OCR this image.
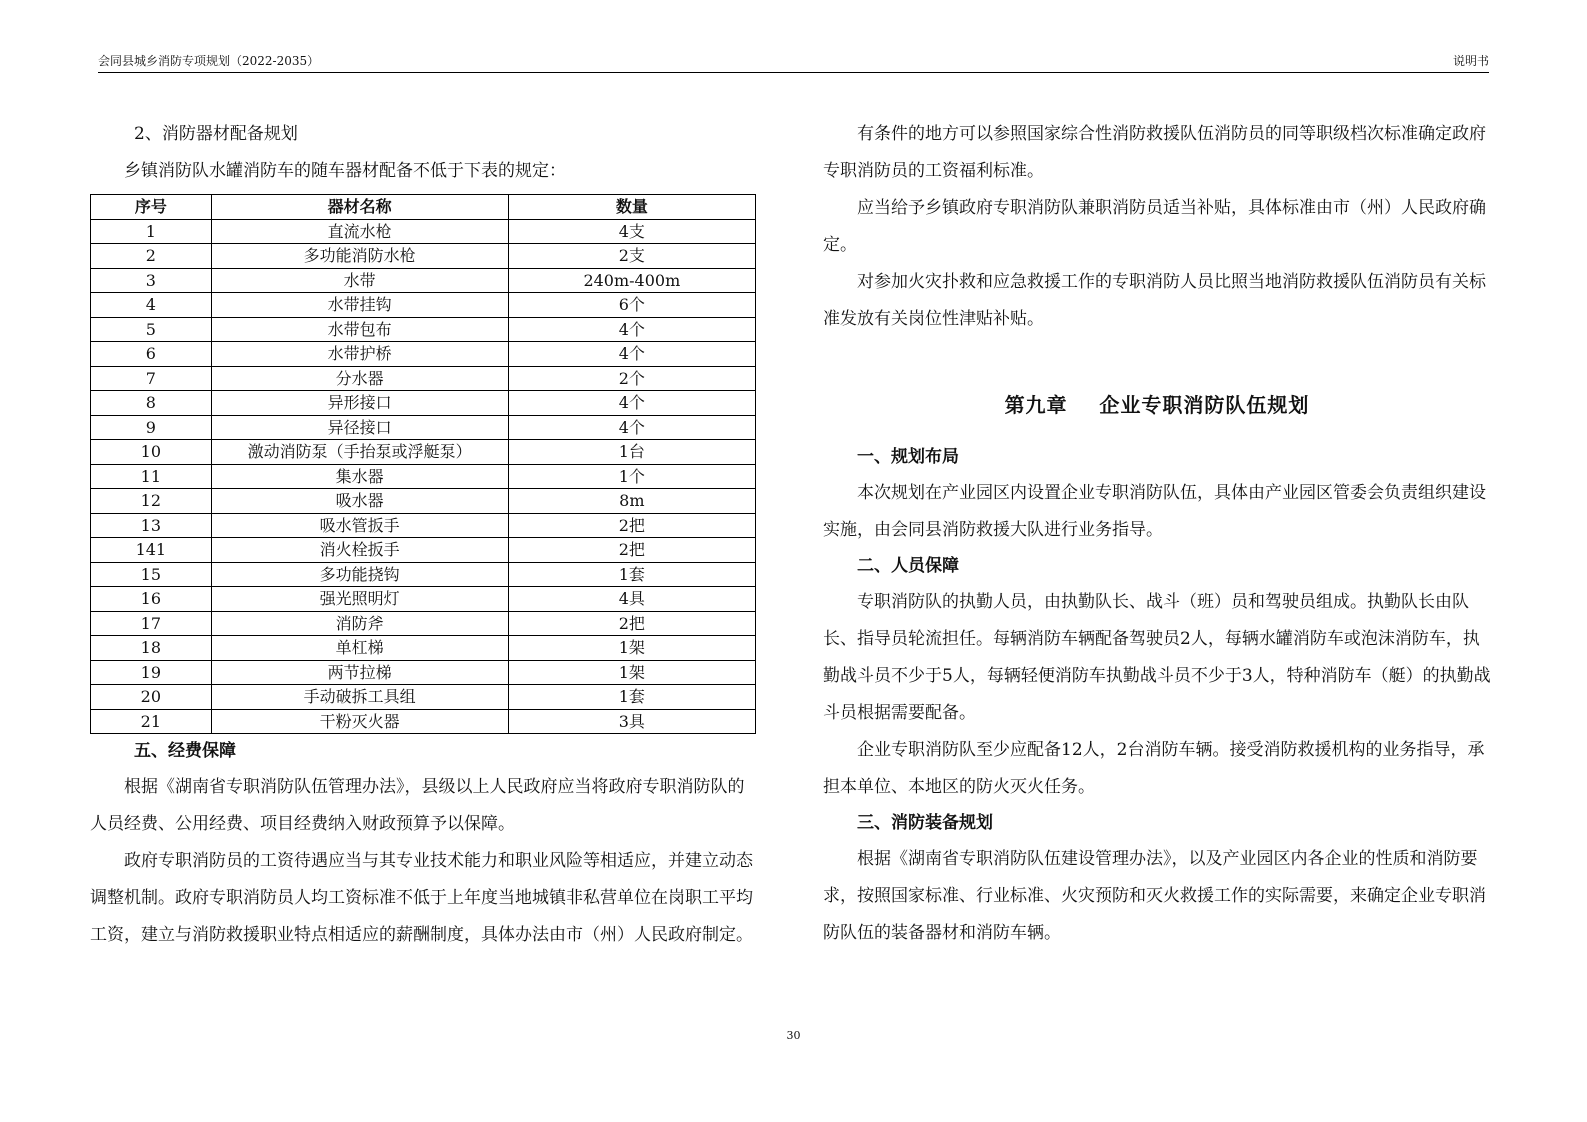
会同县城乡消防专项规划（2022-2035）	说明书

2、消防器材配备规划

乡镇消防队水罐消防车的随车器材配备不低于下表的规定：

序号	器材名称	数量
1	直流水枪	4支
2	多功能消防水枪	2支
3	水带	240m-400m
4	水带挂钩	6个
5	水带包布	4个
6	水带护桥	4个
7	分水器	2个
8	异形接口	4个
9	异径接口	4个
10	激动消防泵（手抬泵或浮艇泵）	1台
11	集水器	1个
12	吸水器	8m
13	吸水管扳手	2把
141	消火栓扳手	2把
15	多功能挠钩	1套
16	强光照明灯	4具
17	消防斧	2把
18	单杠梯	1架
19	两节拉梯	1架
20	手动破拆工具组	1套
21	干粉灭火器	3具

五、经费保障

根据《湖南省专职消防队伍管理办法》，县级以上人民政府应当将政府专职消防队的人员经费、公用经费、项目经费纳入财政预算予以保障。

政府专职消防员的工资待遇应当与其专业技术能力和职业风险等相适应，并建立动态调整机制。政府专职消防员人均工资标准不低于上年度当地城镇非私营单位在岗职工平均工资，建立与消防救援职业特点相适应的薪酬制度，具体办法由市（州）人民政府制定。

有条件的地方可以参照国家综合性消防救援队伍消防员的同等职级档次标准确定政府专职消防员的工资福利标准。

应当给予乡镇政府专职消防队兼职消防员适当补贴，具体标准由市（州）人民政府确定。

对参加火灾扑救和应急救援工作的专职消防人员比照当地消防救援队伍消防员有关标准发放有关岗位性津贴补贴。

第九章    企业专职消防队伍规划

一、规划布局

本次规划在产业园区内设置企业专职消防队伍，具体由产业园区管委会负责组织建设实施，由会同县消防救援大队进行业务指导。

二、人员保障

专职消防队的执勤人员，由执勤队长、战斗（班）员和驾驶员组成。执勤队长由队长、指导员轮流担任。每辆消防车辆配备驾驶员2人，每辆水罐消防车或泡沫消防车，执勤战斗员不少于5人，每辆轻便消防车执勤战斗员不少于3人，特种消防车（艇）的执勤战斗员根据需要配备。

企业专职消防队至少应配备12人，2台消防车辆。接受消防救援机构的业务指导，承担本单位、本地区的防火灭火任务。

三、消防装备规划

根据《湖南省专职消防队伍建设管理办法》，以及产业园区内各企业的性质和消防要求，按照国家标准、行业标准、火灾预防和灭火救援工作的实际需要，来确定企业专职消防队伍的装备器材和消防车辆。

30
